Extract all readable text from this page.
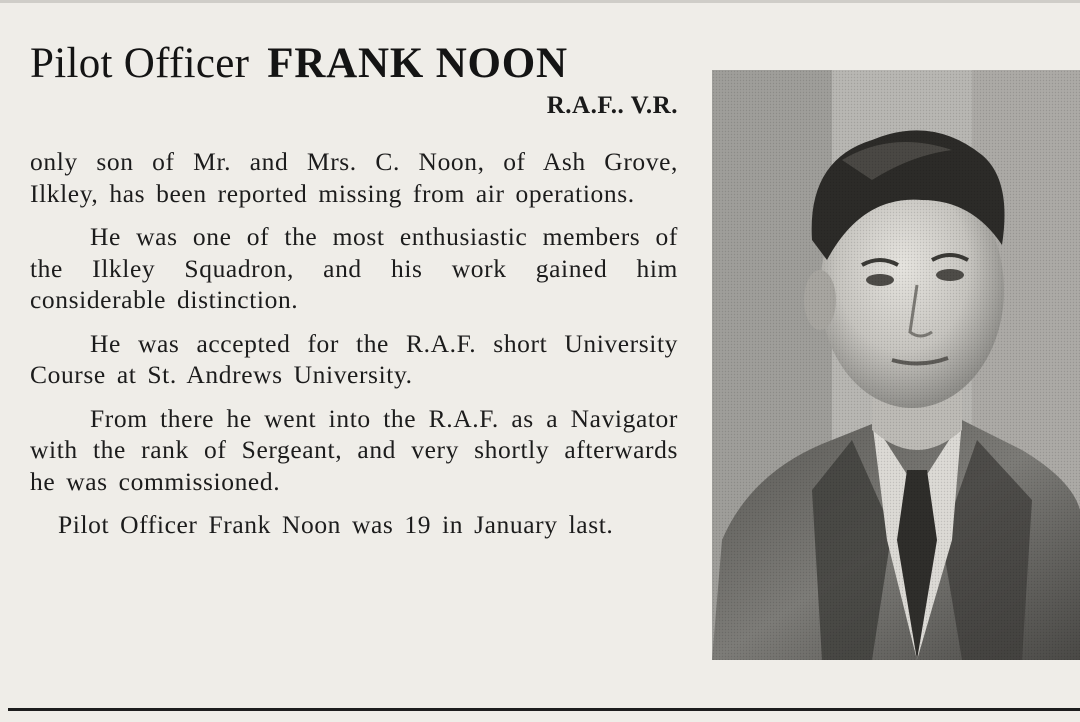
Pilot Officer FRANK NOON
R.A.F.. V.R.

only son of Mr. and Mrs. C. Noon, of Ash Grove, Ilkley, has been reported missing from air operations.

He was one of the most enthusiastic members of the Ilkley Squadron, and his work gained him considerable distinction.

He was accepted for the R.A.F. short University Course at St. Andrews University.

From there he went into the R.A.F. as a Navigator with the rank of Sergeant, and very shortly afterwards he was commissioned.

Pilot Officer Frank Noon was 19 in January last.
